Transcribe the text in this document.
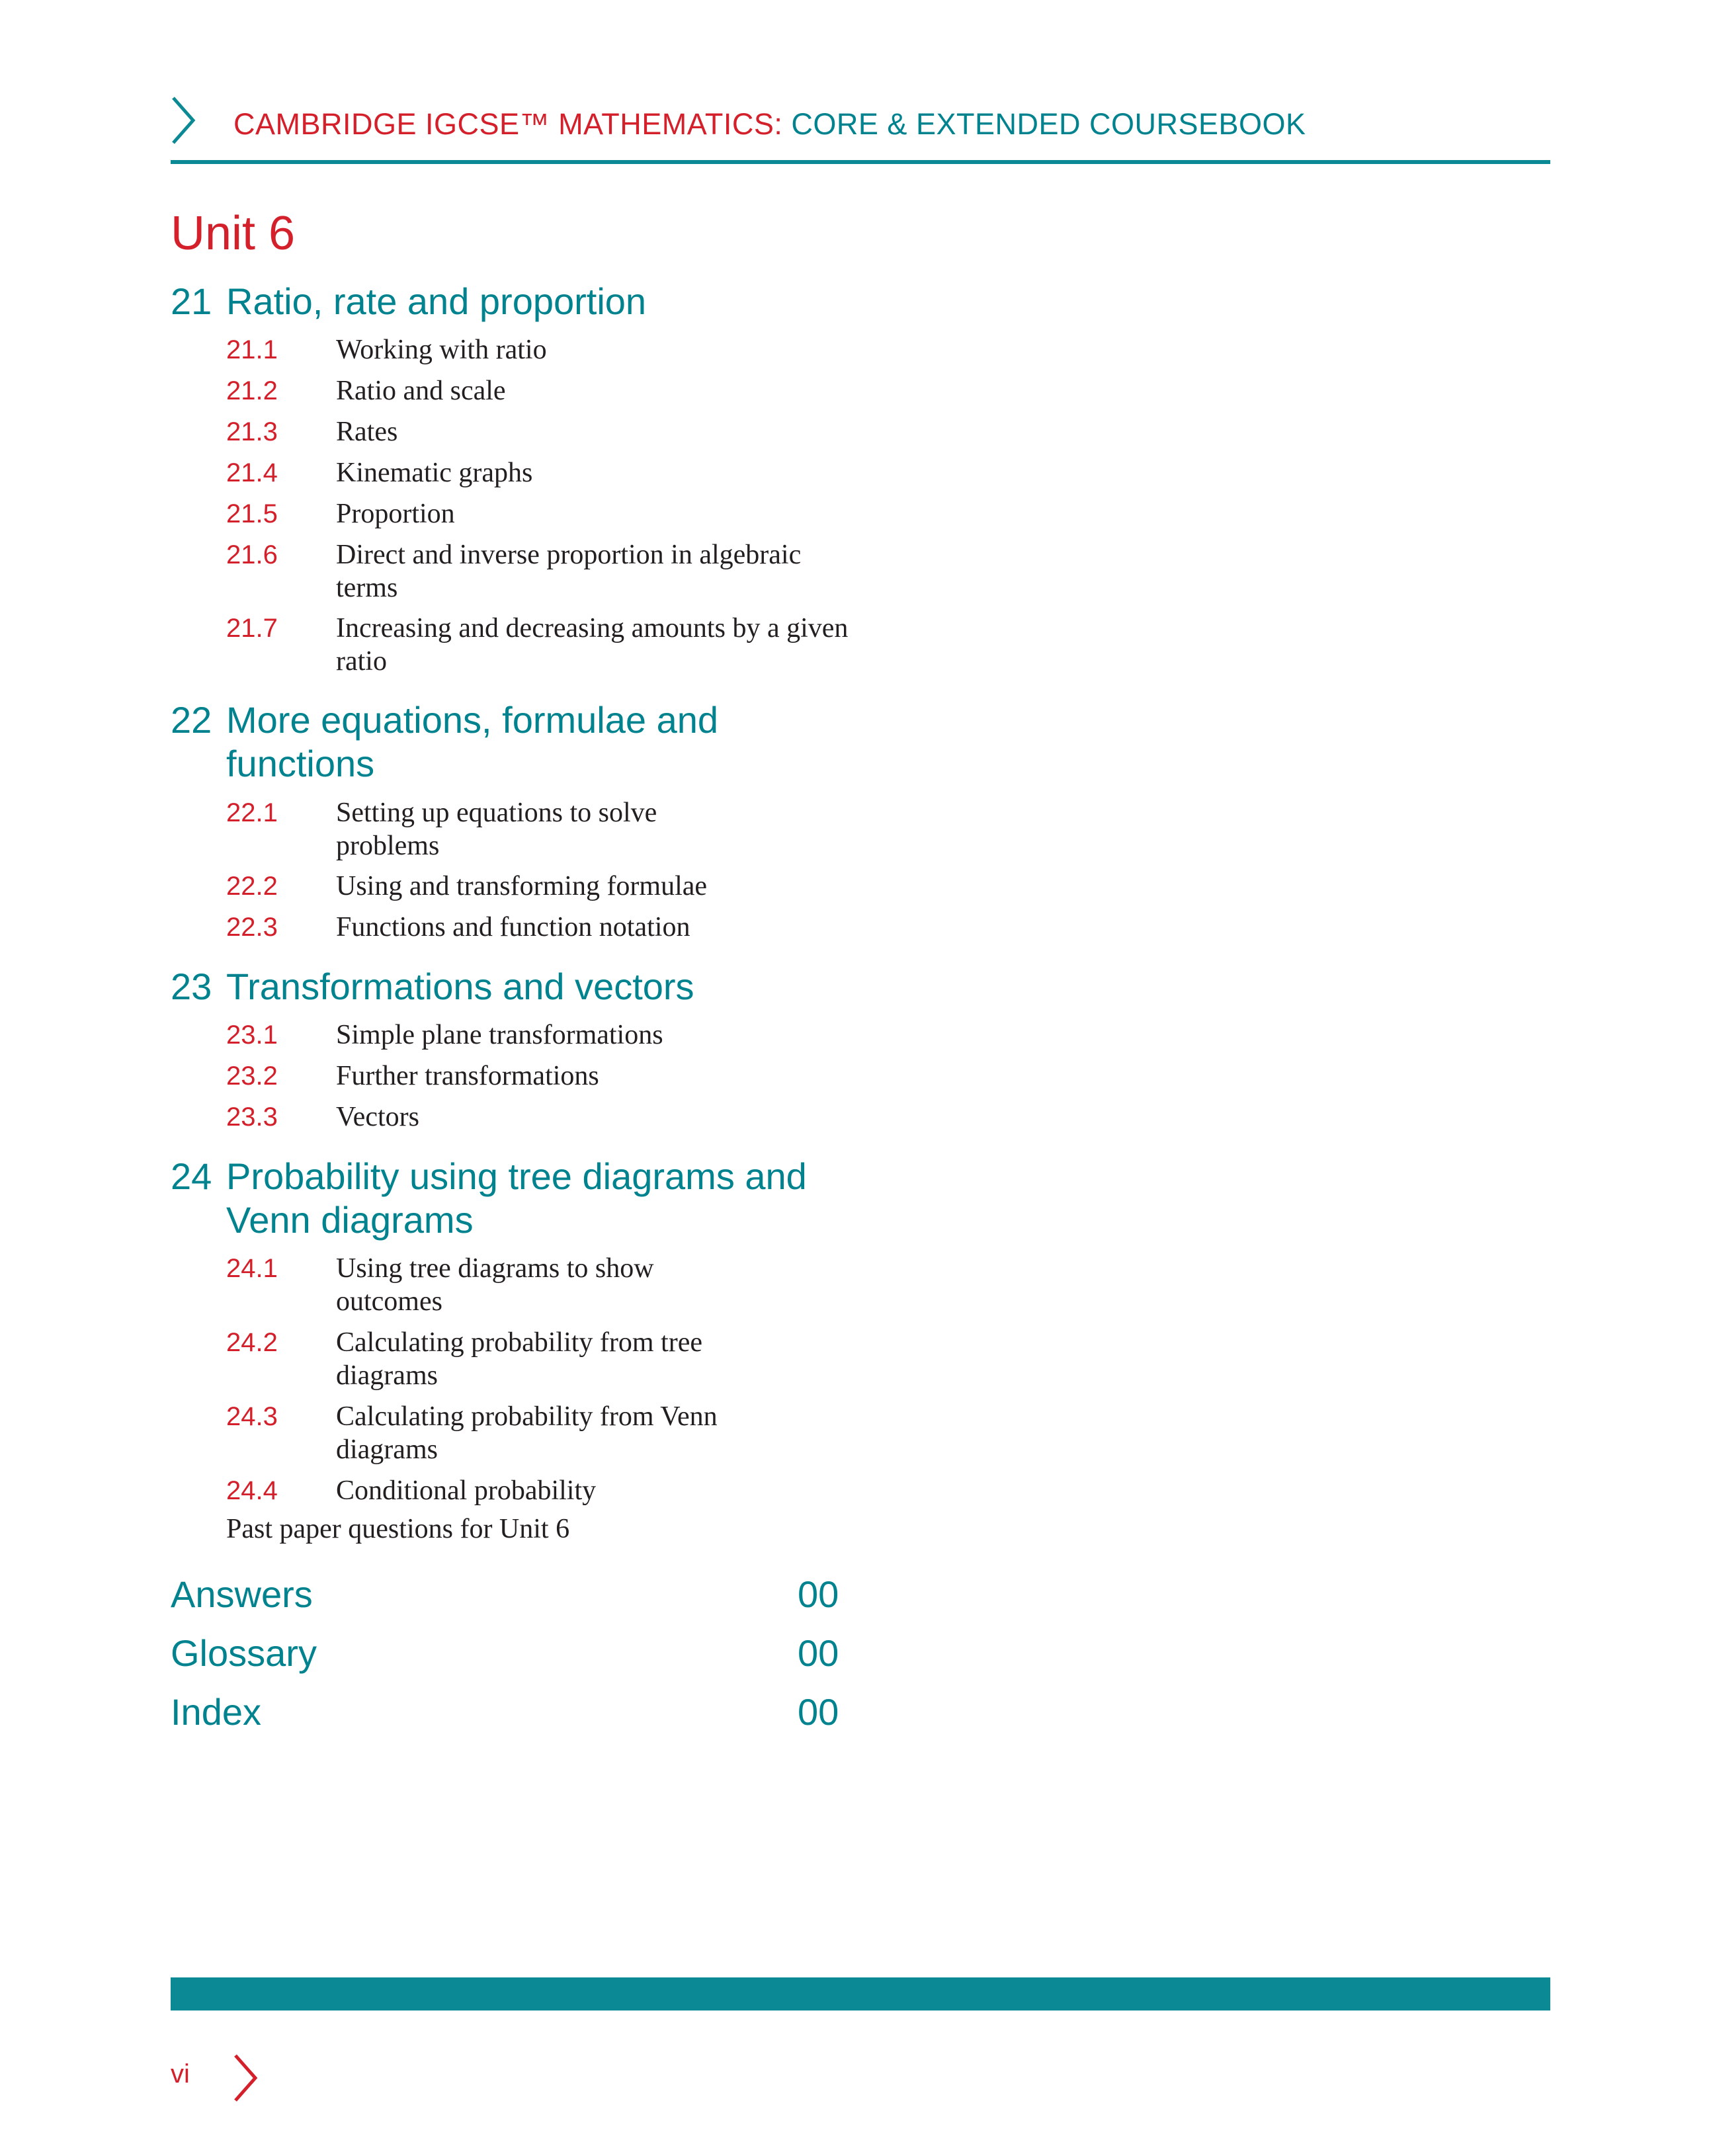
CAMBRIDGE IGCSE™ MATHEMATICS: CORE & EXTENDED COURSEBOOK
Unit 6
21 Ratio, rate and proportion
21.1 Working with ratio
21.2 Ratio and scale
21.3 Rates
21.4 Kinematic graphs
21.5 Proportion
21.6 Direct and inverse proportion in algebraic terms
21.7 Increasing and decreasing amounts by a given ratio
22 More equations, formulae and functions
22.1 Setting up equations to solve problems
22.2 Using and transforming formulae
22.3 Functions and function notation
23 Transformations and vectors
23.1 Simple plane transformations
23.2 Further transformations
23.3 Vectors
24 Probability using tree diagrams and Venn diagrams
24.1 Using tree diagrams to show outcomes
24.2 Calculating probability from tree diagrams
24.3 Calculating probability from Venn diagrams
24.4 Conditional probability
Past paper questions for Unit 6
Answers	00
Glossary	00
Index	00
vi
